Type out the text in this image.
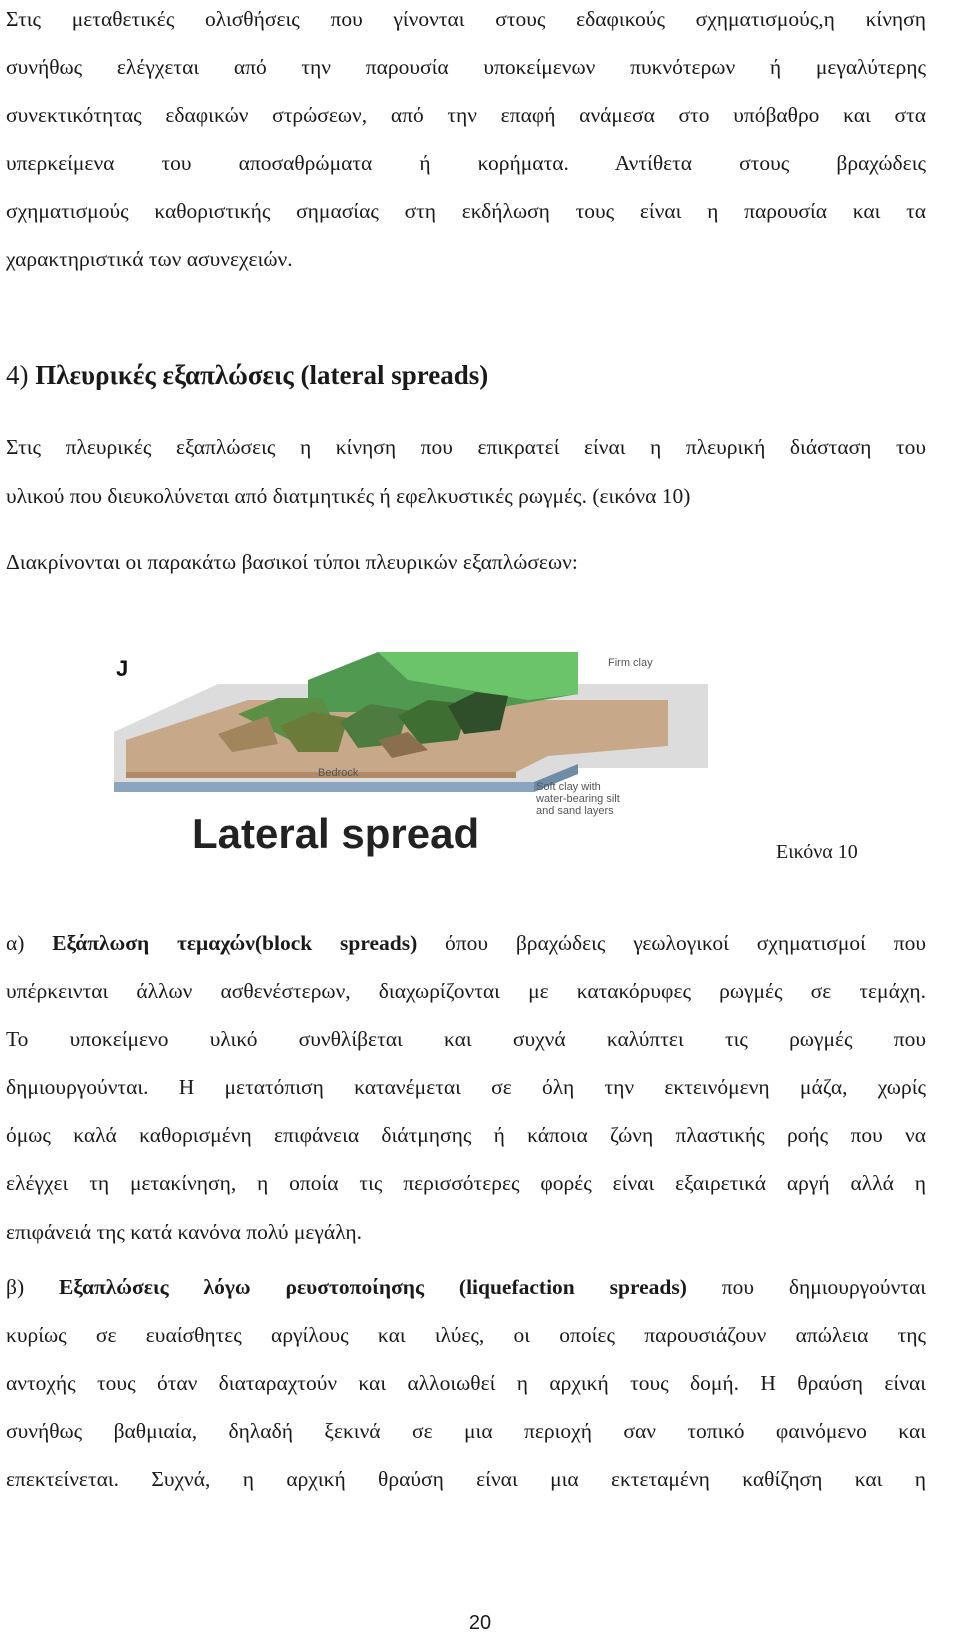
Στις μεταθετικές ολισθήσεις που γίνονται στους εδαφικούς σχηματισμούς,η κίνηση
συνήθως ελέγχεται από την παρουσία υποκείμενων πυκνότερων ή μεγαλύτερης
συνεκτικότητας εδαφικών στρώσεων, από την επαφή ανάμεσα στο υπόβαθρο και στα
υπερκείμενα του αποσαθρώματα ή κορήματα. Αντίθετα στους βραχώδεις
σχηματισμούς καθοριστικής σημασίας στη εκδήλωση τους είναι η παρουσία και τα
χαρακτηριστικά των ασυνεχειών.
4) Πλευρικές εξαπλώσεις (lateral spreads)
Στις πλευρικές εξαπλώσεις η κίνηση που επικρατεί είναι η πλευρική διάσταση του
υλικού που διευκολύνεται από διατμητικές ή εφελκυστικές ρωγμές. (εικόνα 10)
Διακρίνονται οι παρακάτω βασικοί τύποι πλευρικών εξαπλώσεων:
J	Firm clay
Soft clay with water-bearing silt and sand layers
Bedrock
Lateral spread	Εικόνα 10
α) Εξάπλωση τεμαχών(block spreads) όπου βραχώδεις γεωλογικοί σχηματισμοί που
υπέρκεινται άλλων ασθενέστερων, διαχωρίζονται με κατακόρυφες ρωγμές σε τεμάχη.
Το υποκείμενο υλικό συνθλίβεται και συχνά καλύπτει τις ρωγμές που
δημιουργούνται. Η μετατόπιση κατανέμεται σε όλη την εκτεινόμενη μάζα, χωρίς
όμως καλά καθορισμένη επιφάνεια διάτμησης ή κάποια ζώνη πλαστικής ροής που να
ελέγχει τη μετακίνηση, η οποία τις περισσότερες φορές είναι εξαιρετικά αργή αλλά η
επιφάνειά της κατά κανόνα πολύ μεγάλη.
β) Εξαπλώσεις λόγω ρευστοποίησης (liquefaction spreads) που δημιουργούνται
κυρίως σε ευαίσθητες αργίλους και ιλύες, οι οποίες παρουσιάζουν απώλεια της
αντοχής τους όταν διαταραχτούν και αλλοιωθεί η αρχική τους δομή. Η θραύση είναι
συνήθως βαθμιαία, δηλαδή ξεκινά σε μια περιοχή σαν τοπικό φαινόμενο και
επεκτείνεται. Συχνά, η αρχική θραύση είναι μια εκτεταμένη καθίζηση και η
20
